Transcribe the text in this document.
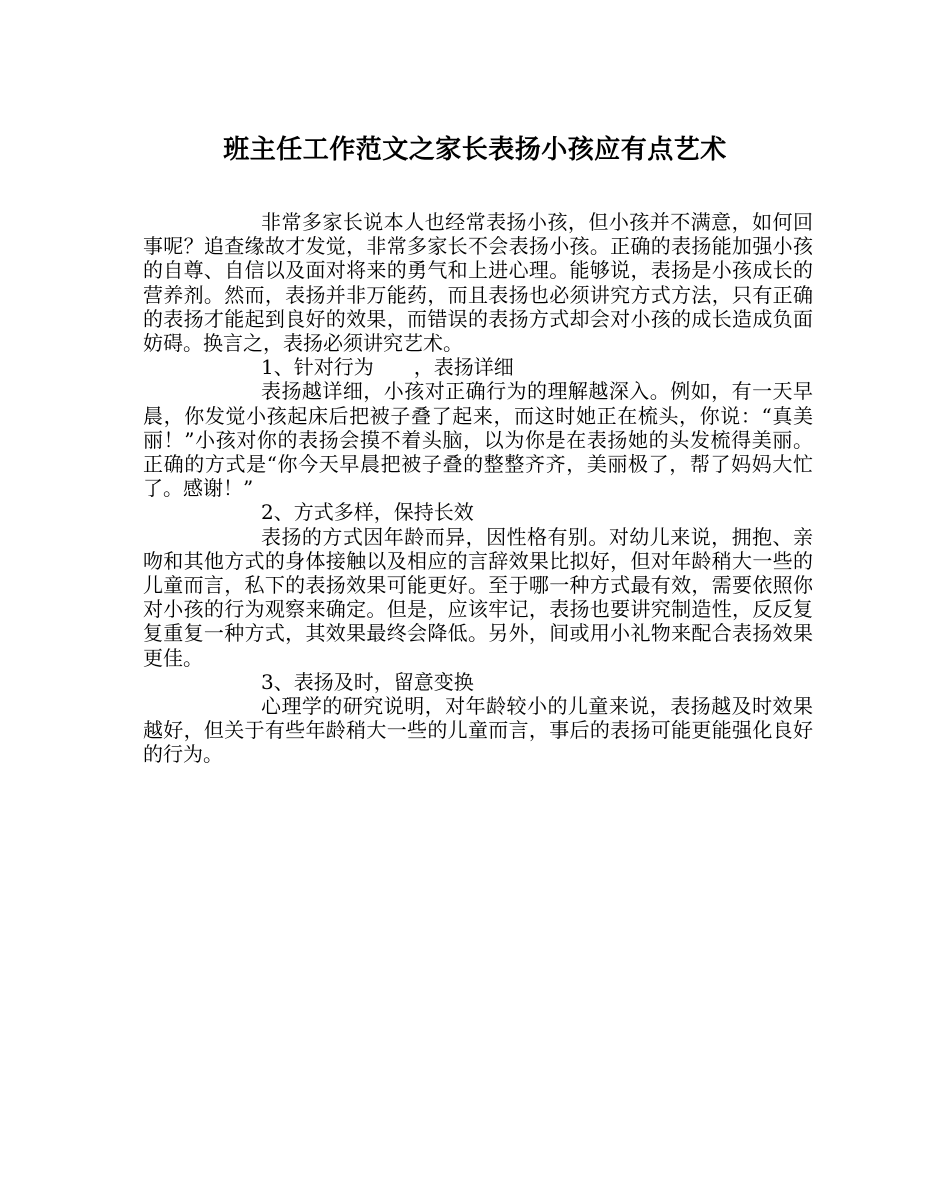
班主任工作范文之家长表扬小孩应有点艺术

非常多家长说本人也经常表扬小孩，但小孩并不满意，如何回事呢？追查缘故才发觉，非常多家长不会表扬小孩。正确的表扬能加强小孩的自尊、自信以及面对将来的勇气和上进心理。能够说，表扬是小孩成长的营养剂。然而，表扬并非万能药，而且表扬也必须讲究方式方法，只有正确的表扬才能起到良好的效果，而错误的表扬方式却会对小孩的成长造成负面妨碍。换言之，表扬必须讲究艺术。

1、针对行为　　，表扬详细

表扬越详细，小孩对正确行为的理解越深入。例如，有一天早晨，你发觉小孩起床后把被子叠了起来，而这时她正在梳头，你说：“真美丽！”小孩对你的表扬会摸不着头脑，以为你是在表扬她的头发梳得美丽。正确的方式是“你今天早晨把被子叠的整整齐齐，美丽极了，帮了妈妈大忙了。感谢！”

2、方式多样，保持长效

表扬的方式因年龄而异，因性格有别。对幼儿来说，拥抱、亲吻和其他方式的身体接触以及相应的言辞效果比拟好，但对年龄稍大一些的儿童而言，私下的表扬效果可能更好。至于哪一种方式最有效，需要依照你对小孩的行为观察来确定。但是，应该牢记，表扬也要讲究制造性，反反复复重复一种方式，其效果最终会降低。另外，间或用小礼物来配合表扬效果更佳。

3、表扬及时，留意变换

心理学的研究说明，对年龄较小的儿童来说，表扬越及时效果越好，但关于有些年龄稍大一些的儿童而言，事后的表扬可能更能强化良好的行为。
